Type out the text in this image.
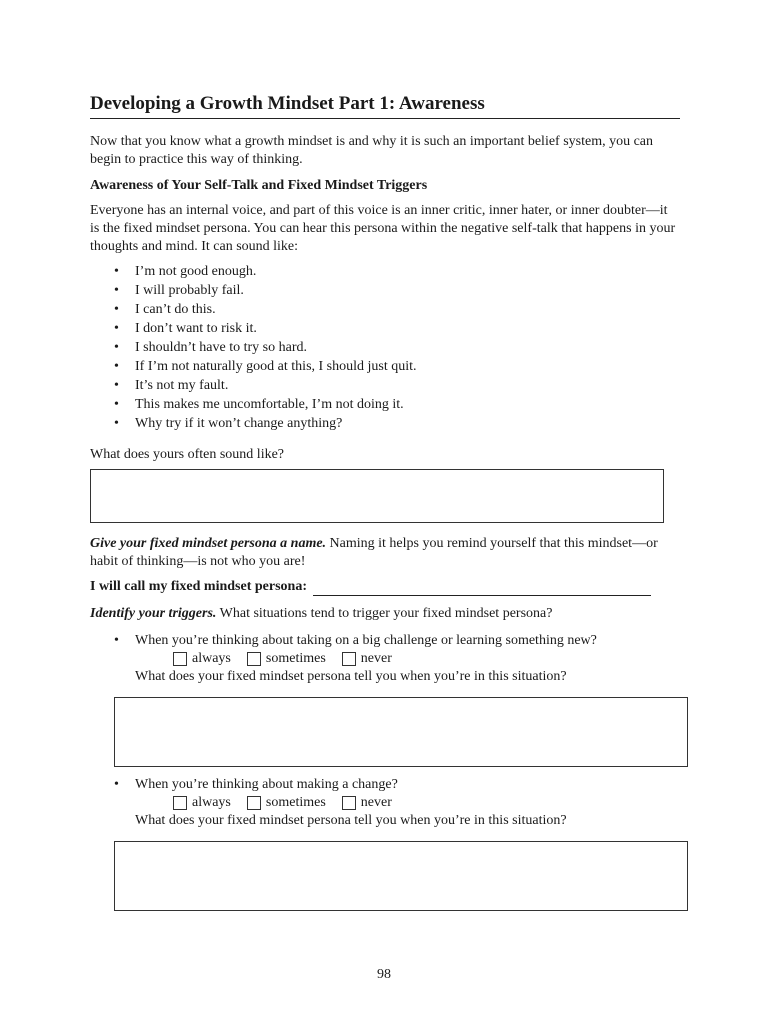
Developing a Growth Mindset Part 1: Awareness

Now that you know what a growth mindset is and why it is such an important belief system, you can begin to practice this way of thinking.

Awareness of Your Self-Talk and Fixed Mindset Triggers

Everyone has an internal voice, and part of this voice is an inner critic, inner hater, or inner doubter—it is the fixed mindset persona. You can hear this persona within the negative self-talk that happens in your thoughts and mind. It can sound like:

• I’m not good enough.
• I will probably fail.
• I can’t do this.
• I don’t want to risk it.
• I shouldn’t have to try so hard.
• If I’m not naturally good at this, I should just quit.
• It’s not my fault.
• This makes me uncomfortable, I’m not doing it.
• Why try if it won’t change anything?

What does yours often sound like?

Give your fixed mindset persona a name. Naming it helps you remind yourself that this mindset—or habit of thinking—is not who you are!

I will call my fixed mindset persona:

Identify your triggers. What situations tend to trigger your fixed mindset persona?

• When you’re thinking about taking on a big challenge or learning something new?
always	sometimes	never
What does your fixed mindset persona tell you when you’re in this situation?
• When you’re thinking about making a change?
always	sometimes	never
What does your fixed mindset persona tell you when you’re in this situation?
98
